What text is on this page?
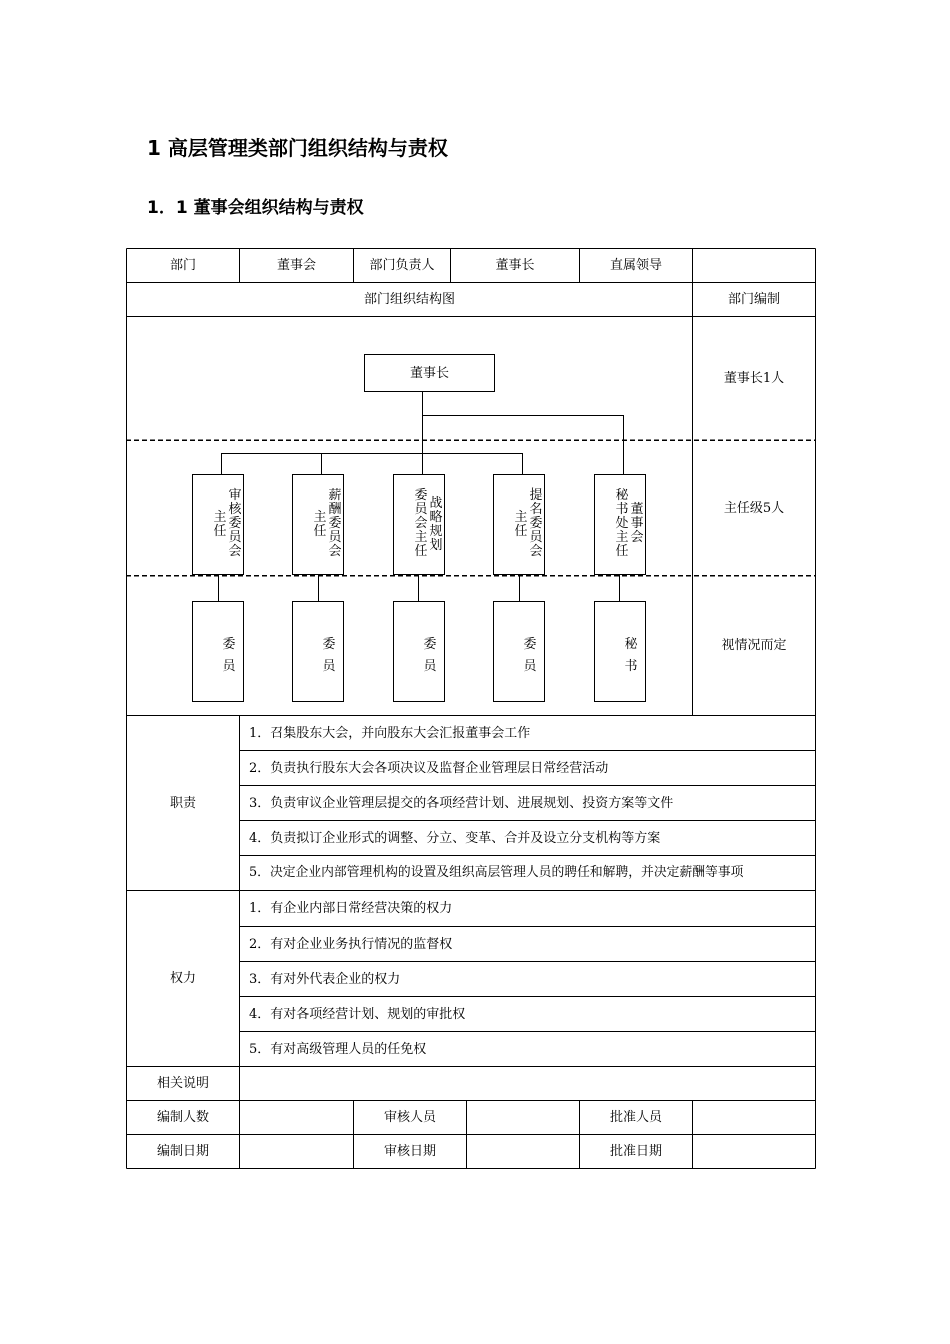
1 高层管理类部门组织结构与责权
1．1 董事会组织结构与责权
部门	董事会	部门负责人	董事长	直属领导
部门组织结构图	部门编制
董事长1人
主任级5人
视情况而定
董事长
审核委员会
主任
薪酬委员会
主任
战略规划
委员会主任
提名委员会
主任
董事会
秘书处主任
委员
委员
委员
委员
秘书
职责
1．召集股东大会，并向股东大会汇报董事会工作
2．负责执行股东大会各项决议及监督企业管理层日常经营活动
3．负责审议企业管理层提交的各项经营计划、进展规划、投资方案等文件
4．负责拟订企业形式的调整、分立、变革、合并及设立分支机构等方案
5．决定企业内部管理机构的设置及组织高层管理人员的聘任和解聘，并决定薪酬等事项
权力
1．有企业内部日常经营决策的权力
2．有对企业业务执行情况的监督权
3．有对外代表企业的权力
4．有对各项经营计划、规划的审批权
5．有对高级管理人员的任免权
相关说明
编制人数	审核人员	批准人员
编制日期	审核日期	批准日期
